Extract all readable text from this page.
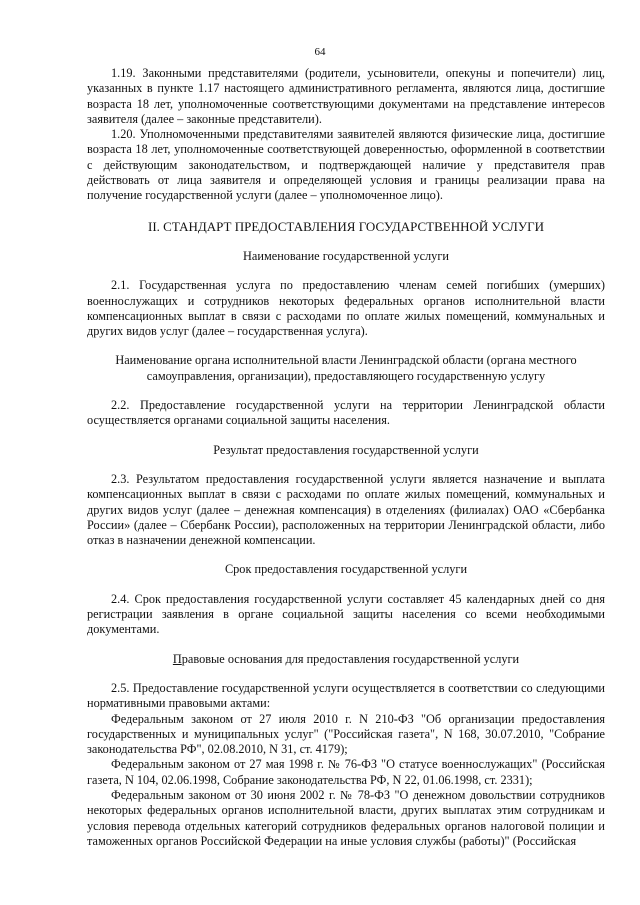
64

1.19. Законными представителями (родители, усыновители, опекуны и попечители) лиц, указанных в пункте 1.17 настоящего административного регламента, являются лица, достигшие возраста 18 лет, уполномоченные соответствующими документами на представление интересов заявителя (далее – законные представители).

1.20. Уполномоченными представителями заявителей являются физические лица, достигшие возраста 18 лет, уполномоченные соответствующей доверенностью, оформленной в соответствии с действующим законодательством, и подтверждающей наличие у представителя прав действовать от лица заявителя и определяющей условия и границы реализации права на получение государственной услуги (далее – уполномоченное лицо).

II. СТАНДАРТ ПРЕДОСТАВЛЕНИЯ ГОСУДАРСТВЕННОЙ УСЛУГИ

Наименование государственной услуги

2.1. Государственная услуга по предоставлению членам семей погибших (умерших) военнослужащих и сотрудников некоторых федеральных органов исполнительной власти компенсационных выплат в связи с расходами по оплате жилых помещений, коммунальных и других видов услуг (далее – государственная услуга).

Наименование органа исполнительной власти Ленинградской области (органа местного самоуправления, организации), предоставляющего государственную услугу

2.2. Предоставление государственной услуги на территории Ленинградской области осуществляется органами социальной защиты населения.

Результат предоставления государственной услуги

2.3. Результатом предоставления государственной услуги является назначение и выплата компенсационных выплат в связи с расходами по оплате жилых помещений, коммунальных и других видов услуг (далее – денежная компенсация) в отделениях (филиалах) ОАО «Сбербанка России» (далее – Сбербанк России), расположенных на территории Ленинградской области, либо отказ в назначении денежной компенсации.

Срок предоставления государственной услуги

2.4. Срок предоставления государственной услуги составляет 45 календарных дней со дня регистрации заявления в органе социальной защиты населения со всеми необходимыми документами.

Правовые основания для предоставления государственной услуги

2.5. Предоставление государственной услуги осуществляется в соответствии со следующими нормативными правовыми актами:

Федеральным законом от 27 июля 2010 г. N 210-ФЗ "Об организации предоставления государственных и муниципальных услуг" ("Российская газета", N 168, 30.07.2010, "Собрание законодательства РФ", 02.08.2010, N 31, ст. 4179);

Федеральным законом от 27 мая 1998 г. № 76-ФЗ "О статусе военнослужащих" (Российская газета, N 104, 02.06.1998, Собрание законодательства РФ, N 22, 01.06.1998, ст. 2331);

Федеральным законом от 30 июня 2002 г. № 78-ФЗ "О денежном довольствии сотрудников некоторых федеральных органов исполнительной власти, других выплатах этим сотрудникам и условия перевода отдельных категорий сотрудников федеральных органов налоговой полиции и таможенных органов Российской Федерации на иные условия службы (работы)" (Российская
